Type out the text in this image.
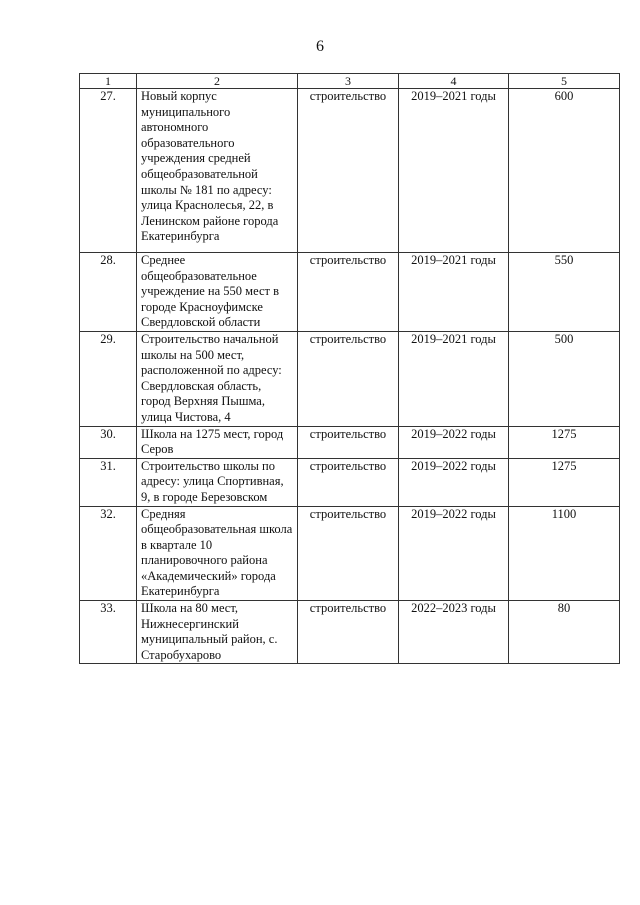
6
1	2	3	4	5
27.	Новый корпус муниципального автономного образовательного учреждения средней общеобразовательной школы № 181 по адресу: улица Краснолесья, 22, в Ленинском районе города Екатеринбурга	строительство	2019–2021 годы	600
28.	Среднее общеобразовательное учреждение на 550 мест в городе Красноуфимске Свердловской области	строительство	2019–2021 годы	550
29.	Строительство начальной школы на 500 мест, расположенной по адресу: Свердловская область, город Верхняя Пышма, улица Чистова, 4	строительство	2019–2021 годы	500
30.	Школа на 1275 мест, город Серов	строительство	2019–2022 годы	1275
31.	Строительство школы по адресу: улица Спортивная, 9, в городе Березовском	строительство	2019–2022 годы	1275
32.	Средняя общеобразовательная школа в квартале 10 планировочного района «Академический» города Екатеринбурга	строительство	2019–2022 годы	1100
33.	Школа на 80 мест, Нижнесергинский муниципальный район, с. Старобухарово	строительство	2022–2023 годы	80
